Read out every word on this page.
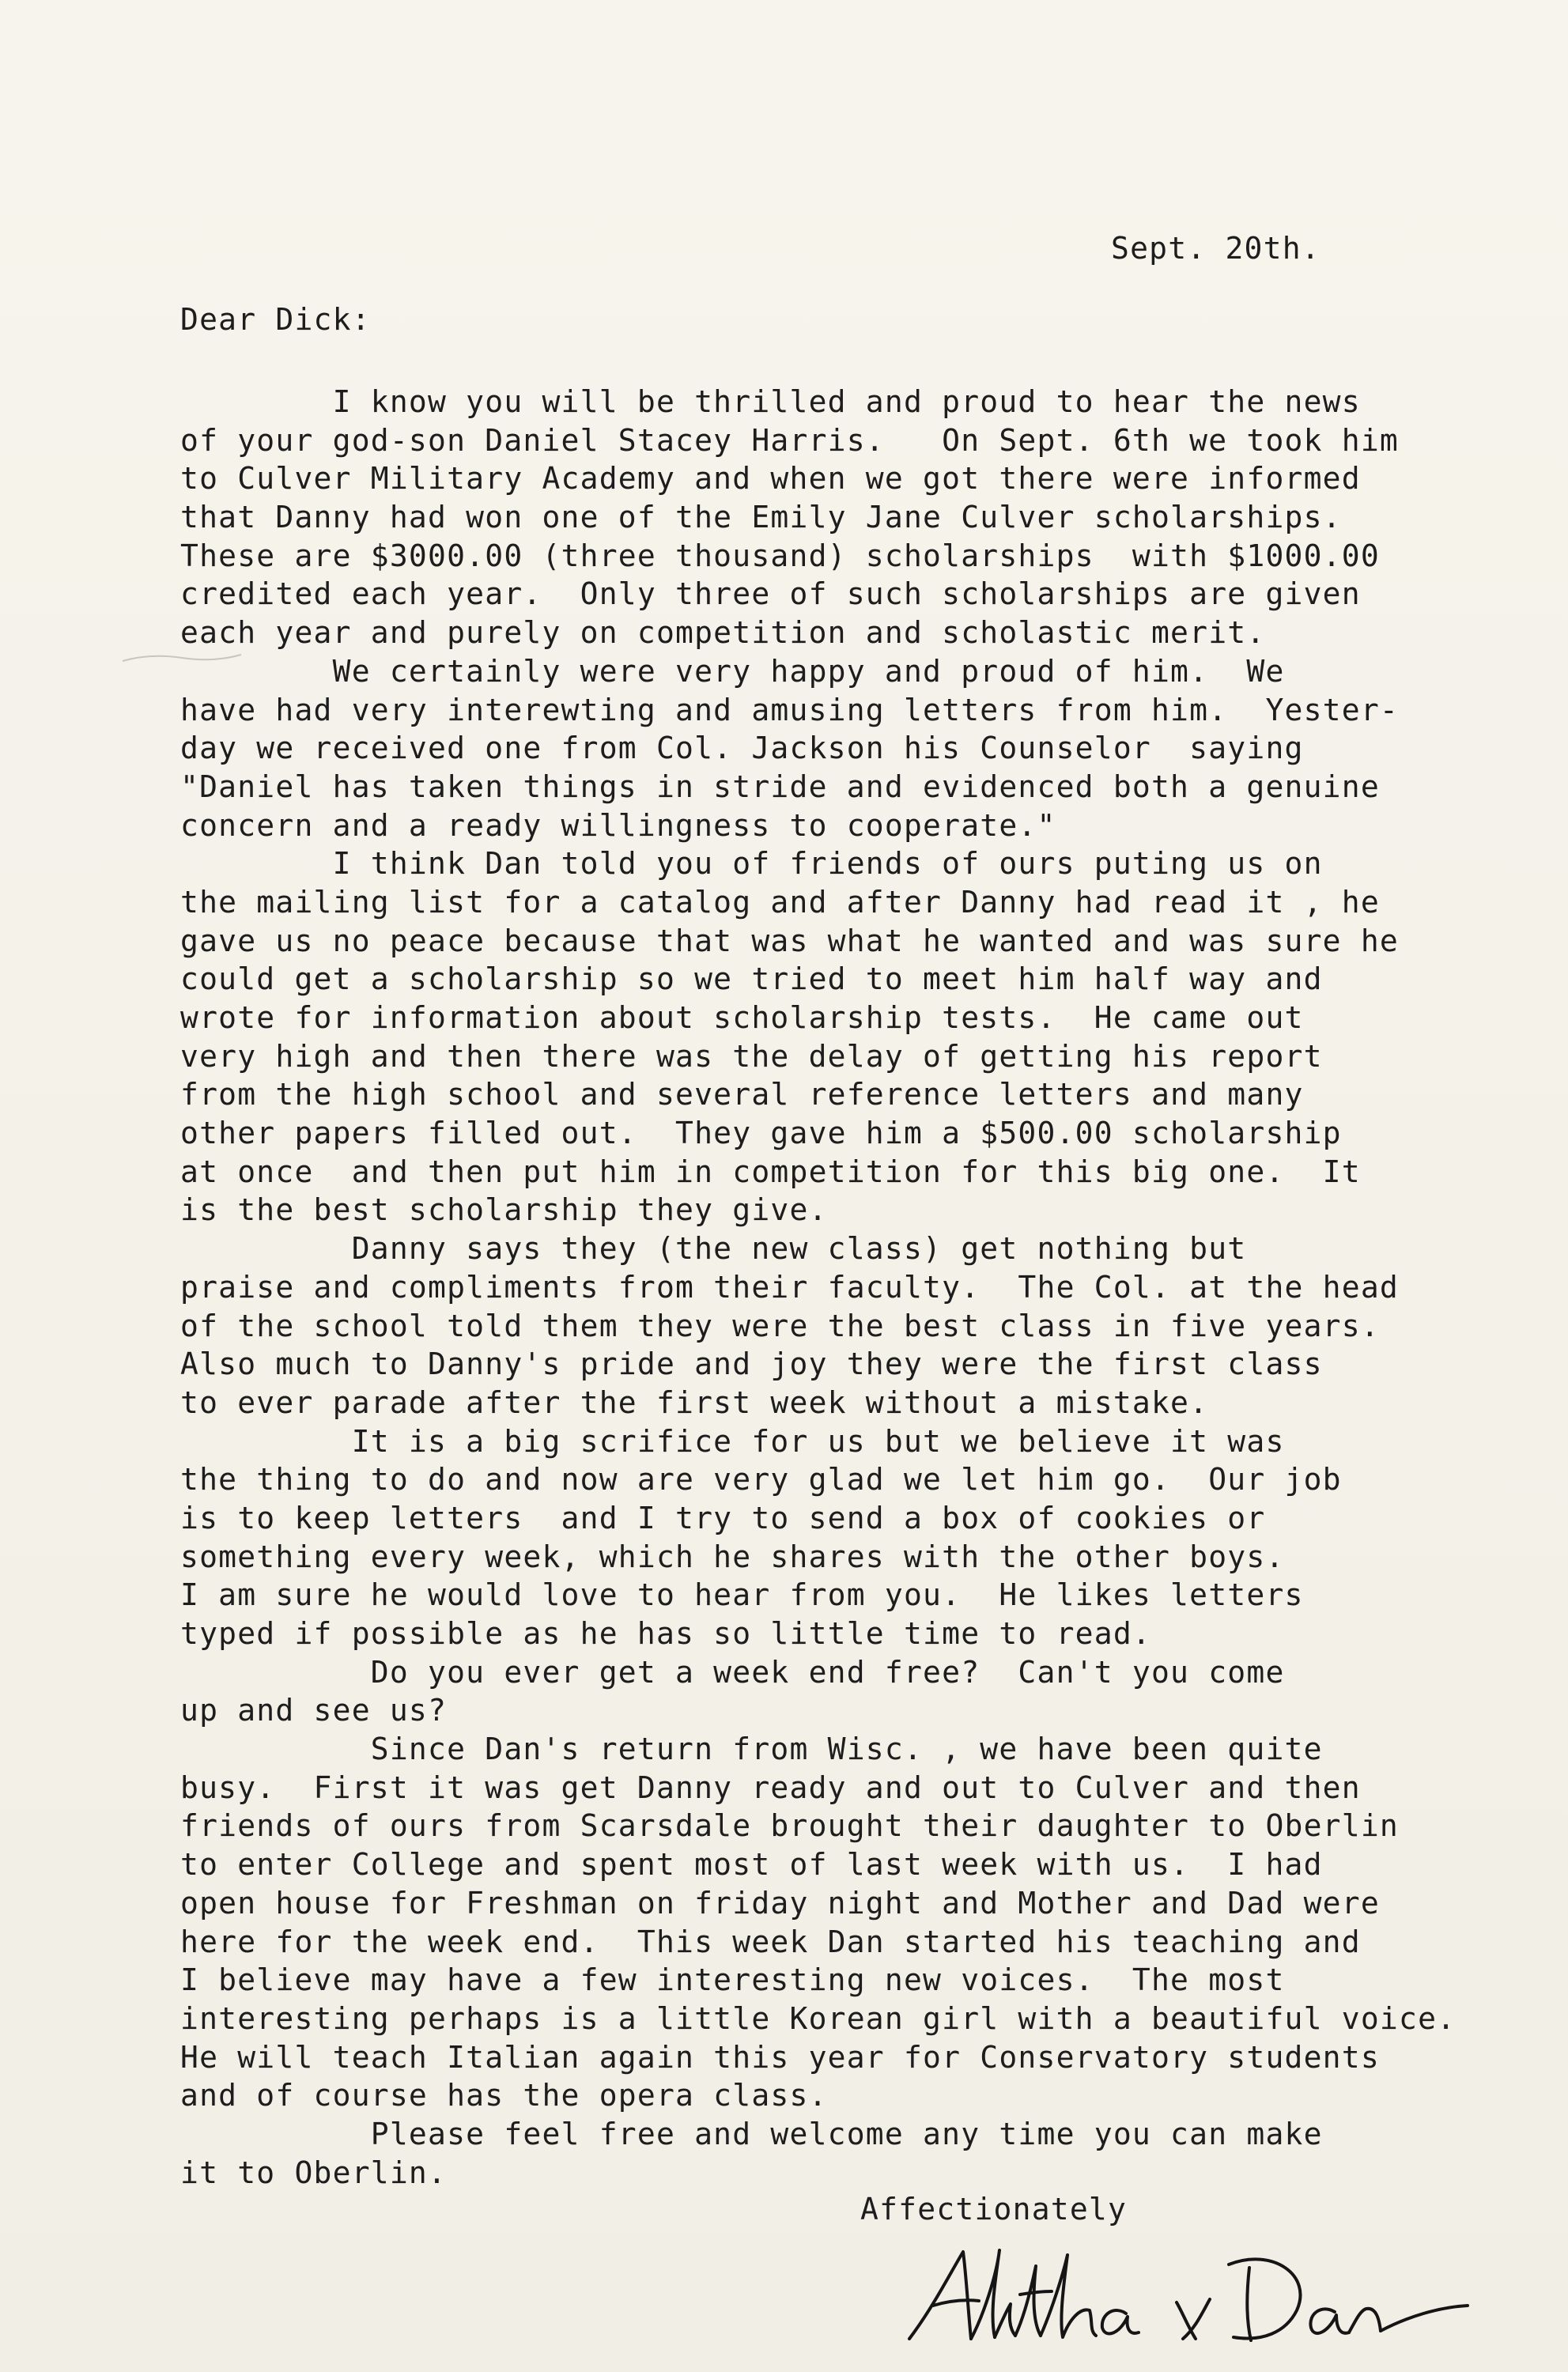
Sept. 20th.
Dear Dick:
I know you will be thrilled and proud to hear the news
of your god-son Daniel Stacey Harris.   On Sept. 6th we took him
to Culver Military Academy and when we got there were informed
that Danny had won one of the Emily Jane Culver scholarships.
These are $3000.00 (three thousand) scholarships  with $1000.00
credited each year.  Only three of such scholarships are given
each year and purely on competition and scholastic merit.
We certainly were very happy and proud of him.  We
have had very interewting and amusing letters from him.  Yester-
day we received one from Col. Jackson his Counselor  saying
"Daniel has taken things in stride and evidenced both a genuine
concern and a ready willingness to cooperate."
I think Dan told you of friends of ours puting us on
the mailing list for a catalog and after Danny had read it , he
gave us no peace because that was what he wanted and was sure he
could get a scholarship so we tried to meet him half way and
wrote for information about scholarship tests.  He came out
very high and then there was the delay of getting his report
from the high school and several reference letters and many
other papers filled out.  They gave him a $500.00 scholarship
at once  and then put him in competition for this big one.  It
is the best scholarship they give.
Danny says they (the new class) get nothing but
praise and compliments from their faculty.  The Col. at the head
of the school told them they were the best class in five years.
Also much to Danny's pride and joy they were the first class
to ever parade after the first week without a mistake.
It is a big scrifice for us but we believe it was
the thing to do and now are very glad we let him go.  Our job
is to keep letters  and I try to send a box of cookies or
something every week, which he shares with the other boys.
I am sure he would love to hear from you.  He likes letters
typed if possible as he has so little time to read.
Do you ever get a week end free?  Can't you come
up and see us?
Since Dan's return from Wisc. , we have been quite
busy.  First it was get Danny ready and out to Culver and then
friends of ours from Scarsdale brought their daughter to Oberlin
to enter College and spent most of last week with us.  I had
open house for Freshman on friday night and Mother and Dad were
here for the week end.  This week Dan started his teaching and
I believe may have a few interesting new voices.  The most
interesting perhaps is a little Korean girl with a beautiful voice.
He will teach Italian again this year for Conservatory students
and of course has the opera class.
Please feel free and welcome any time you can make
it to Oberlin.
Affectionately
